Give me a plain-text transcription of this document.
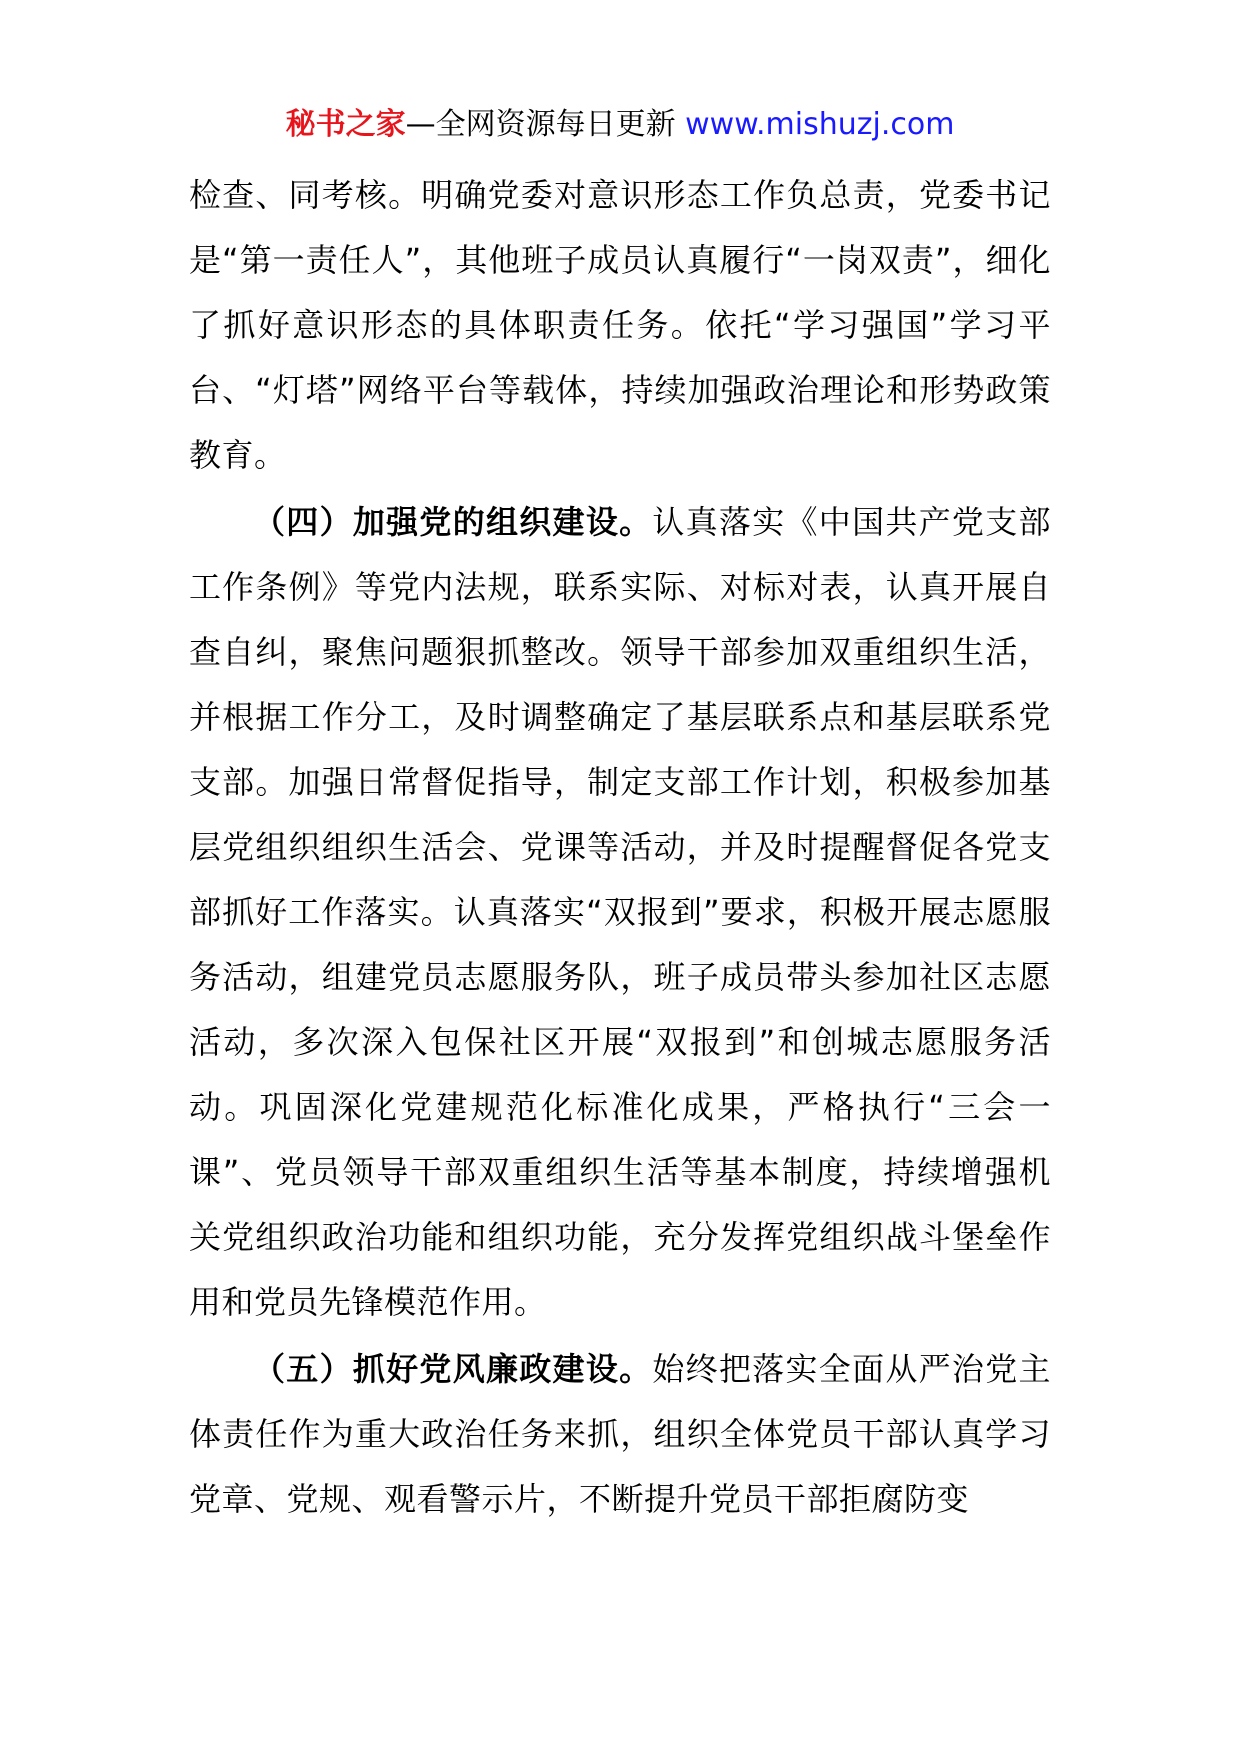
秘书之家—全网资源每日更新 www.mishuzj.com

检查、同考核。明确党委对意识形态工作负总责，党委书记是“第一责任人”，其他班子成员认真履行“一岗双责”，细化了抓好意识形态的具体职责任务。依托“学习强国”学习平台、“灯塔”网络平台等载体，持续加强政治理论和形势政策教育。

（四）加强党的组织建设。认真落实《中国共产党支部工作条例》等党内法规，联系实际、对标对表，认真开展自查自纠，聚焦问题狠抓整改。领导干部参加双重组织生活，并根据工作分工，及时调整确定了基层联系点和基层联系党支部。加强日常督促指导，制定支部工作计划，积极参加基层党组织组织生活会、党课等活动，并及时提醒督促各党支部抓好工作落实。认真落实“双报到”要求，积极开展志愿服务活动，组建党员志愿服务队，班子成员带头参加社区志愿活动，多次深入包保社区开展“双报到”和创城志愿服务活动。巩固深化党建规范化标准化成果，严格执行“三会一课”、党员领导干部双重组织生活等基本制度，持续增强机关党组织政治功能和组织功能，充分发挥党组织战斗堡垒作用和党员先锋模范作用。

（五）抓好党风廉政建设。始终把落实全面从严治党主体责任作为重大政治任务来抓，组织全体党员干部认真学习党章、党规、观看警示片，不断提升党员干部拒腐防变
